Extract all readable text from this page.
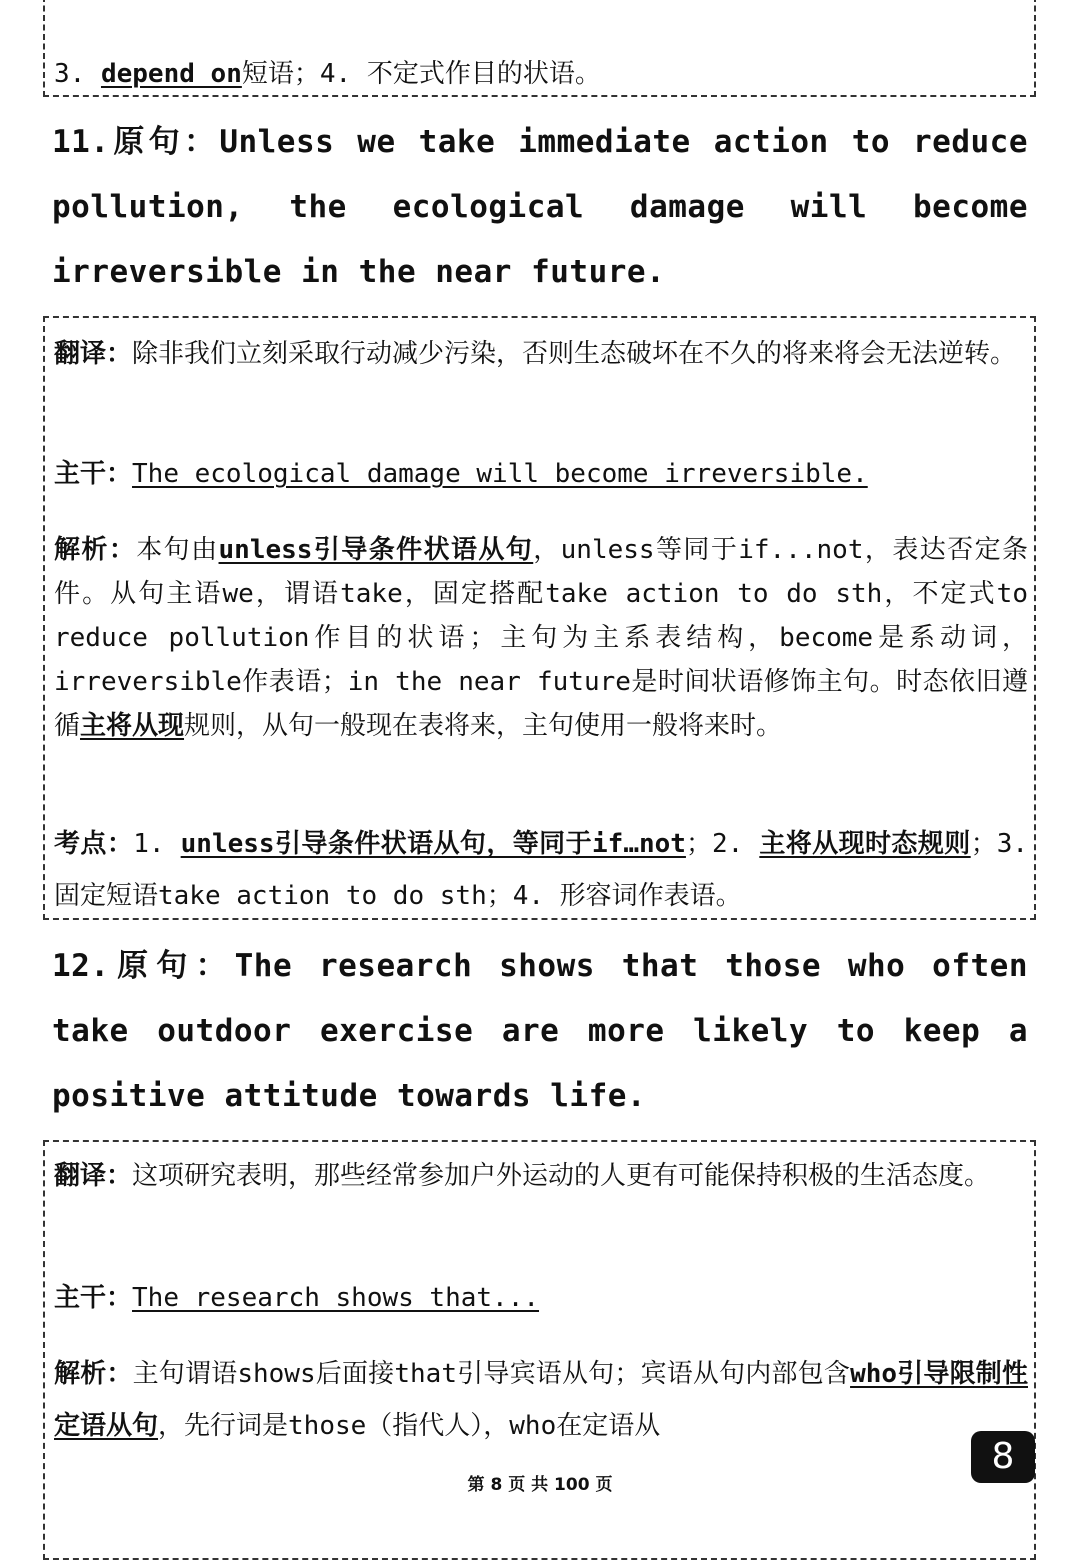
3. depend on短语；4. 不定式作目的状语。

11.原句：Unless we take immediate action to reduce pollution, the ecological damage will become irreversible in the near future.

翻译：除非我们立刻采取行动减少污染，否则生态破坏在不久的将来将会无法逆转。

主干：The ecological damage will become irreversible.

解析：本句由unless引导条件状语从句，unless等同于if...not，表达否定条件。从句主语we，谓语take，固定搭配take action to do sth，不定式to reduce pollution作目的状语；主句为主系表结构，become是系动词，irreversible作表语；in the near future是时间状语修饰主句。时态依旧遵循主将从现规则，从句一般现在表将来，主句使用一般将来时。

考点：1. unless引导条件状语从句，等同于if…not；2. 主将从现时态规则；3. 固定短语take action to do sth；4. 形容词作表语。

12.原句：The research shows that those who often take outdoor exercise are more likely to keep a positive attitude towards life.

翻译：这项研究表明，那些经常参加户外运动的人更有可能保持积极的生活态度。

主干：The research shows that...

解析：主句谓语shows后面接that引导宾语从句；宾语从句内部包含who引导限制性定语从句，先行词是those（指代人），who在定语从

第 8 页 共 100 页
8
